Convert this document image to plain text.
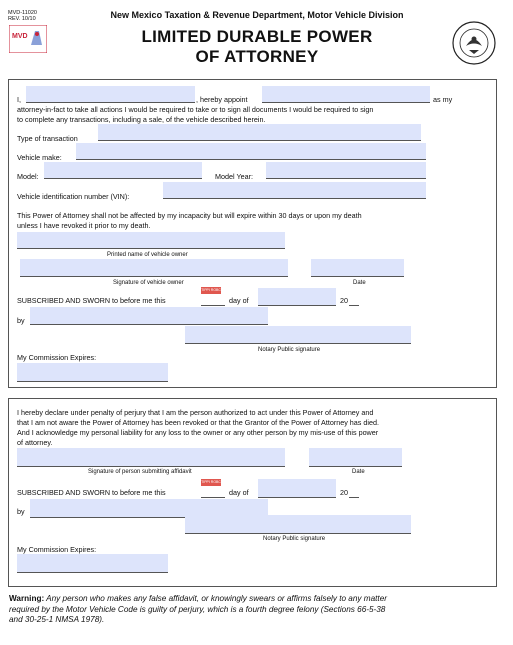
MVD-11020
REV. 10/10
MVD
New Mexico Taxation & Revenue Department, Motor Vehicle Division
LIMITED DURABLE POWER
OF ATTORNEY
I,	, hereby appoint	as my
attorney-in-fact to take all actions I would be required to take or to sign all documents I would be required to sign
to complete any transactions, including a sale, of the vehicle described herein.
Type of transaction
Vehicle make:
Model:	Model Year:
Vehicle identification number (VIN):
This Power of Attorney shall not be affected by my incapacity but will expire within 30 days or upon my death
unless I have revoked it prior to my death.
Printed name of vehicle owner
Signature of vehicle owner	Date
SUBSCRIBED AND SWORN to before me this
TIPPI ROBC
day of	20
by
Notary Public signature
My Commission Expires:
I hereby declare under penalty of perjury that I am the person authorized to act under this Power of Attorney and
that I am not aware the Power of Attorney has been revoked or that the Grantor of the Power of Attorney has died.
And I acknowledge my personal liability for any loss to the owner or any other person by my mis-use of this power
of attorney.
Signature of person submitting affidavit	Date
SUBSCRIBED AND SWORN to before me this
TIPPI ROBC
day of	20
by
Notary Public signature
My Commission Expires:
Warning: Any person who makes any false affidavit, or knowingly swears or affirms falsely to any matter
required by the Motor Vehicle Code is guilty of perjury, which is a fourth degree felony (Sections 66-5-38
and 30-25-1 NMSA 1978).
